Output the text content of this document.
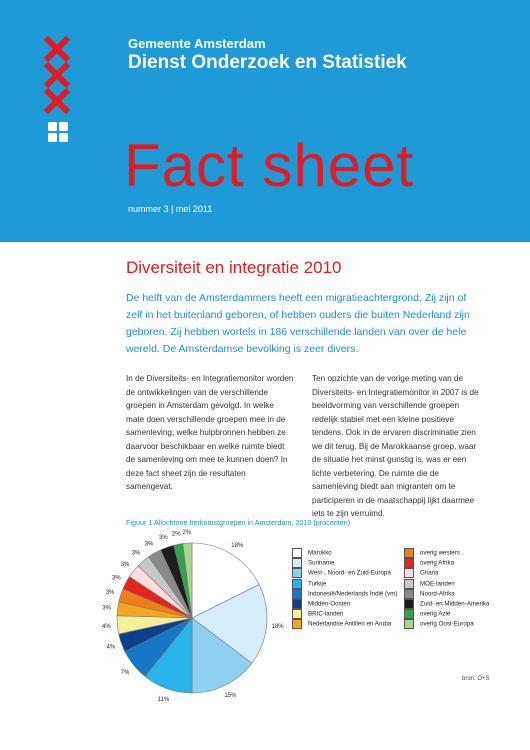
Gemeente Amsterdam
Dienst Onderzoek en Statistiek
Fact sheet
nummer 3 | mei 2011
Diversiteit en integratie 2010
De helft van de Amsterdammers heeft een migratieachtergrond. Zij zijn of zelf in het buitenland geboren, of hebben ouders die buiten Nederland zijn geboren. Zij hebben wortels in 186 verschillende landen van over de hele wereld. De Amsterdamse bevolking is zeer divers.
In de Diversiteits- en Integratiemonitor worden de ontwikkelingen van de verschillende groepen in Amsterdam gevolgd. In welke mate doen verschillende groepen mee in de samenleving, welke hulpbronnen hebben ze daarvoor beschikbaar en welke ruimte biedt de samenleving om mee te kunnen doen? In deze fact sheet zijn de resultaten samengevat.
Ten opzichte van de vorige meting van de Diversiteits- en Integratiemonitor in 2007 is de beeldvorming van verschillende groepen redelijk stabiel met een kleine positieve tendens. Ook in de ervaren discriminatie zien we dit terug. Bij de Marokkaanse groep, waar de situatie het minst gunstig is, was er een lichte verbetering. De ruimte die de samenleving biedt aan migranten om te participeren in de maatschappij lijkt daarmee iets te zijn verruimd.
Figuur 1 Allochtone herkomstgroepen in Amsterdam, 2010 (procenten)
18%
18%
15%
11%
7%
4%
4%
3%
3%
3%
3%
3%
3%
3%
2% 2%
Marokko
Suriname
West-, Noord- en Zuid-Europa
Turkije
Indonesië/Nederlands Indië (vm)
Midden-Oosten
BRIC-landen
Nederlandse Antillen en Aruba
overig westers
overig Afrika
Ghana
MOE-landen
Noord-Afrika
Zuid- en Midden-Amerika
overig Azië
overig Oost-Europa
bron: O+S
